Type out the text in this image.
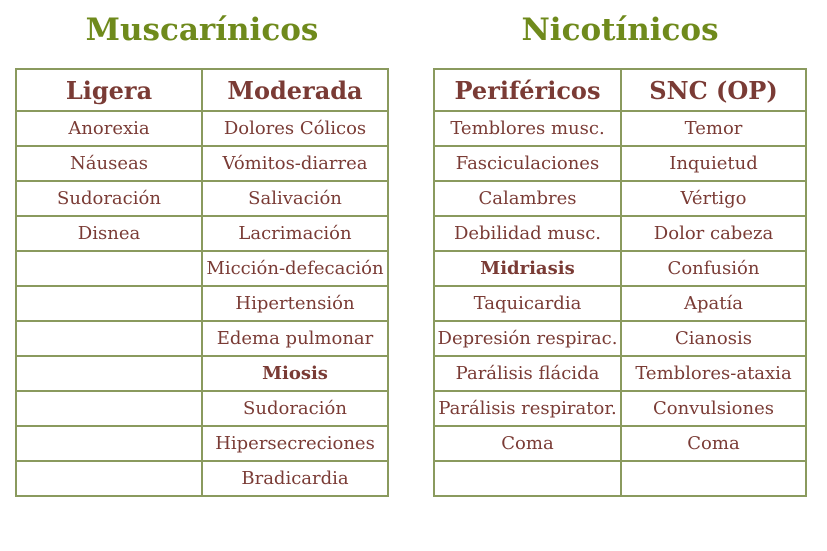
Muscarínicos	Nicotínicos
Ligera	Moderada
Anorexia	Dolores Cólicos
Náuseas	Vómitos-diarrea
Sudoración	Salivación
Disnea	Lacrimación
	Micción-defecación
	Hipertensión
	Edema pulmonar
	Miosis
	Sudoración
	Hipersecreciones
	Bradicardia
Periféricos	SNC (OP)
Temblores musc.	Temor
Fasciculaciones	Inquietud
Calambres	Vértigo
Debilidad musc.	Dolor cabeza
Midriasis	Confusión
Taquicardia	Apatía
Depresión respirac.	Cianosis
Parálisis flácida	Temblores-ataxia
Parálisis respirator.	Convulsiones
Coma	Coma
